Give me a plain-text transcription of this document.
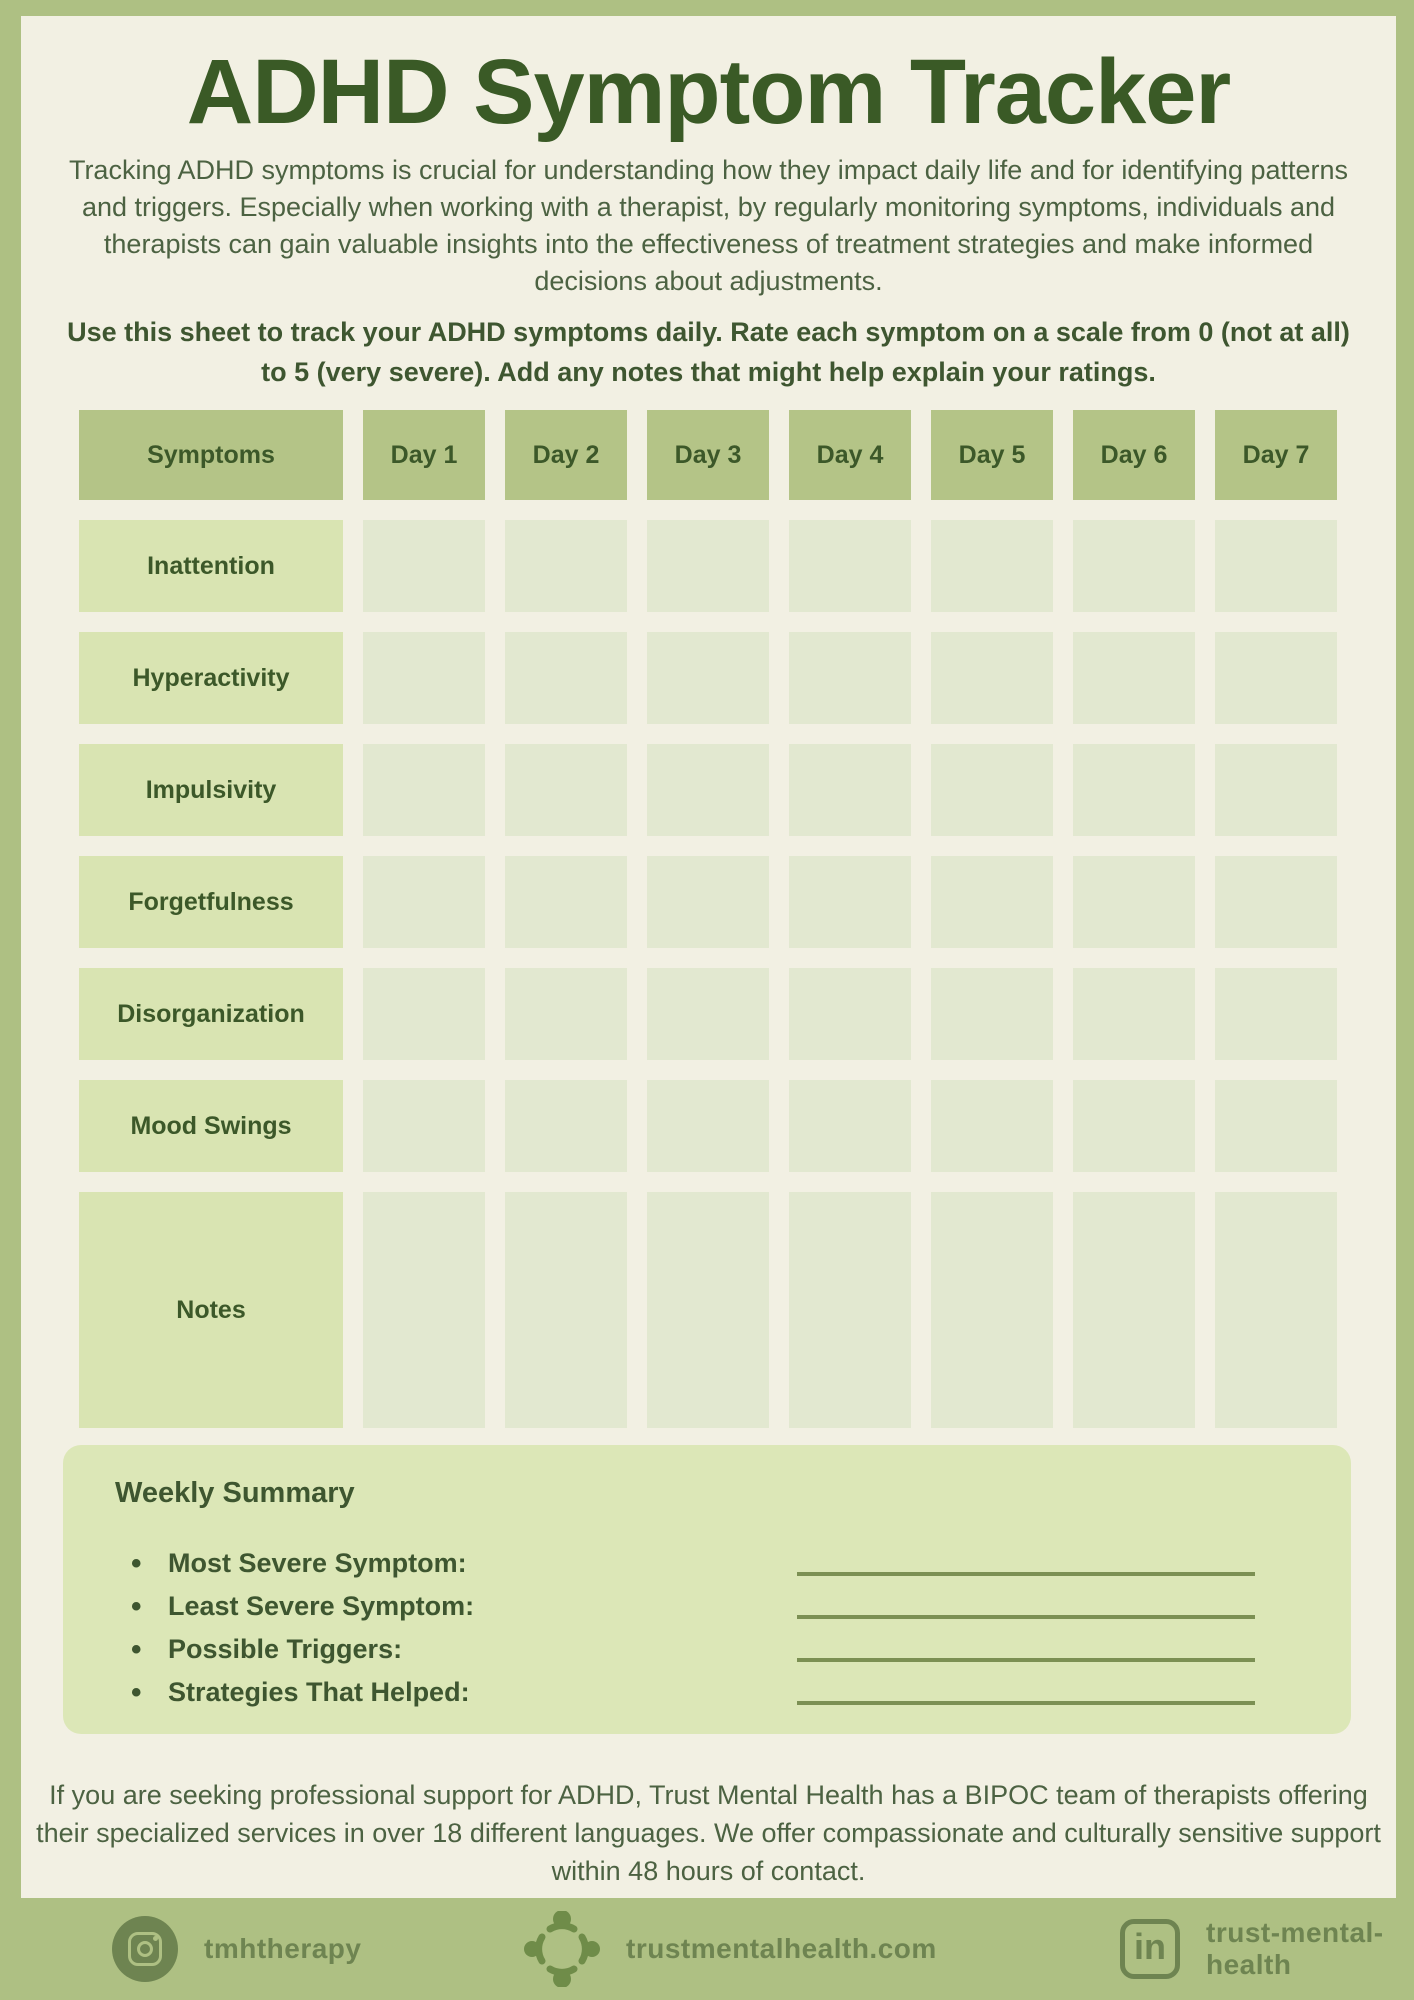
ADHD Symptom Tracker

Tracking ADHD symptoms is crucial for understanding how they impact daily life and for identifying patterns and triggers. Especially when working with a therapist, by regularly monitoring symptoms, individuals and therapists can gain valuable insights into the effectiveness of treatment strategies and make informed decisions about adjustments.

Use this sheet to track your ADHD symptoms daily. Rate each symptom on a scale from 0 (not at all) to 5 (very severe). Add any notes that might help explain your ratings.

Symptoms	Day 1	Day 2	Day 3	Day 4	Day 5	Day 6	Day 7
Inattention
Hyperactivity
Impulsivity
Forgetfulness
Disorganization
Mood Swings
Notes
Weekly Summary
• Most Severe Symptom:
• Least Severe Symptom:
• Possible Triggers:
• Strategies That Helped:

If you are seeking professional support for ADHD, Trust Mental Health has a BIPOC team of therapists offering their specialized services in over 18 different languages. We offer compassionate and culturally sensitive support within 48 hours of contact.

tmhtherapy	trustmentalhealth.com	in	trust-mental-health
